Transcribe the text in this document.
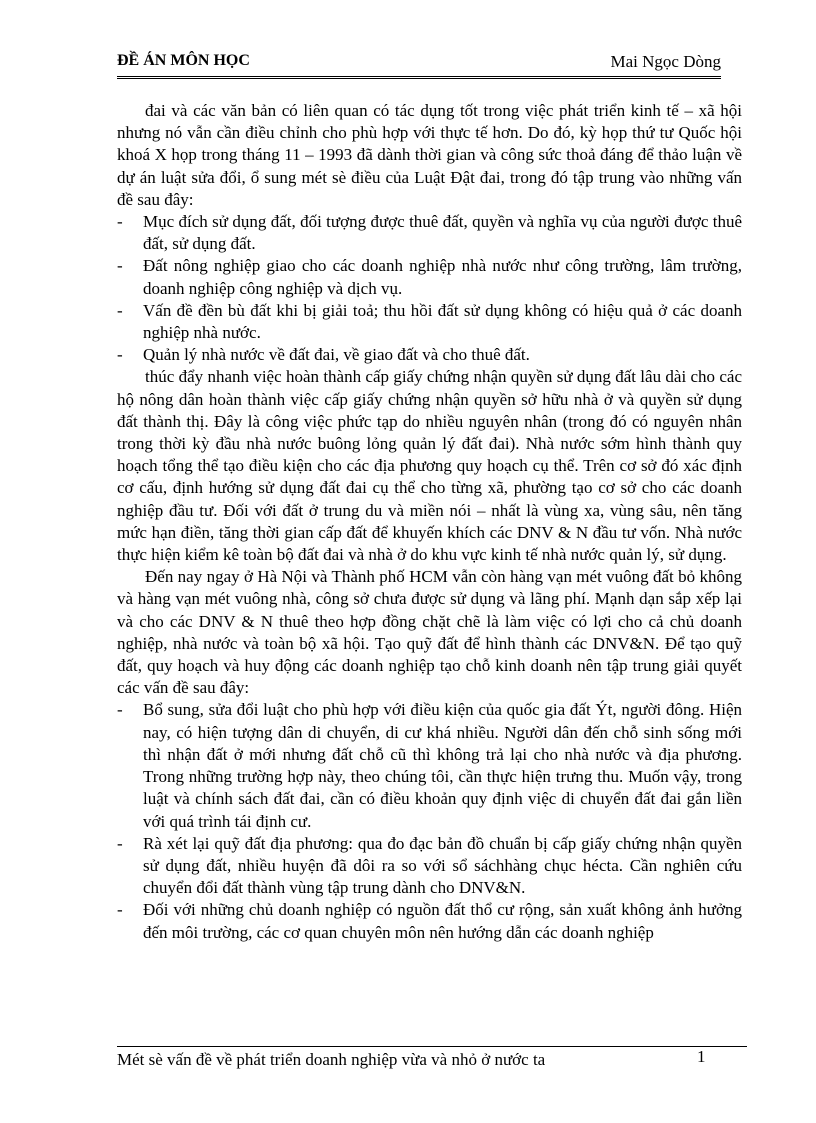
ĐỀ ÁN MÔN HỌC	Mai Ngọc Dòng

đai và các văn bản có liên quan có tác dụng tốt trong việc phát triển kinh tế – xã hội nhưng nó vẫn cần điều chỉnh cho phù hợp với thực tế hơn. Do đó, kỳ họp thứ tư Quốc hội khoá X họp trong tháng 11 – 1993 đã dành thời gian và công sức thoả đáng để thảo luận về dự án luật sửa đổi, ổ sung mét sè điều của Luật Đật đai, trong đó tập trung vào những vấn đề sau đây:

-	Mục đích sử dụng đất, đối tượng được thuê đất, quyền và nghĩa vụ của người được thuê đất, sử dụng đất.

-	Đất nông nghiệp giao cho các doanh nghiệp nhà nước như công trường, lâm trường, doanh nghiệp công nghiệp và dịch vụ.

-	Vấn đề đền bù đất khi bị giải toả; thu hồi đất sử dụng không có hiệu quả ở các doanh nghiệp nhà nước.

-	Quản lý nhà nước về đất đai, về giao đất và cho thuê đất.

thúc đẩy nhanh việc hoàn thành cấp giấy chứng nhận quyền sử dụng đất lâu dài cho các hộ nông dân hoàn thành việc cấp giấy chứng nhận quyền sở hữu nhà ở và quyền sử dụng đất thành thị. Đây là công việc phức tạp do nhiều nguyên nhân (trong đó có nguyên nhân trong thời kỳ đầu nhà nước buông lỏng quản lý đất đai). Nhà nước sớm hình thành quy hoạch tổng thể tạo điều kiện cho các địa phương quy hoạch cụ thể. Trên cơ sở đó xác định cơ cấu, định hướng sử dụng đất đai cụ thể cho từng xã, phường tạo cơ sở cho các doanh nghiệp đầu tư. Đối với đất ở trung du và miền nói – nhất là vùng xa, vùng sâu, nên tăng mức hạn điền, tăng thời gian cấp đất để khuyến khích các DNV & N đầu tư vốn. Nhà nước thực hiện kiểm kê toàn bộ đất đai và nhà ở do khu vực kinh tế nhà nước quản lý, sử dụng.

Đến nay ngay ở Hà Nội và Thành phố HCM vẫn còn hàng vạn mét vuông đất bỏ không và hàng vạn mét vuông nhà, công sở chưa được sử dụng và lãng phí. Mạnh dạn sắp xếp lại và cho các DNV & N thuê theo hợp đồng chặt chẽ là làm việc có lợi cho cả chủ doanh nghiệp, nhà nước và toàn bộ xã hội. Tạo quỹ đất để hình thành các DNV&N. Để tạo quỹ đất, quy hoạch và huy động các doanh nghiệp tạo chỗ kinh doanh nên tập trung giải quyết các vấn đề sau đây:

-	Bổ sung, sửa đổi luật cho phù hợp với điều kiện của quốc gia đất Ýt, người đông. Hiện nay, có hiện tượng dân di chuyển, di cư khá nhiều. Người dân đến chỗ sinh sống mới thì nhận đất ở mới nhưng đất chỗ cũ thì không trả lại cho nhà nước và địa phương. Trong những trường hợp này, theo chúng tôi, cần thực hiện trưng thu. Muốn vậy, trong luật và chính sách đất đai, cần có điều khoản quy định việc di chuyển đất đai gắn liền với quá trình tái định cư.

-	Rà xét lại quỹ đất địa phương: qua đo đạc bản đồ chuẩn bị cấp giấy chứng nhận quyền sử dụng đất, nhiều huyện đã dôi ra so với sổ sáchhàng chục hécta. Cần nghiên cứu chuyển đổi đất thành vùng tập trung dành cho DNV&N.

-	Đối với những chủ doanh nghiệp có nguồn đất thổ cư rộng, sản xuất không ảnh hưởng đến môi trường, các cơ quan chuyên môn nên hướng dẫn các doanh nghiệp

Mét sè vấn đề về phát triển doanh nghiệp vừa và nhỏ ở nước ta	1
